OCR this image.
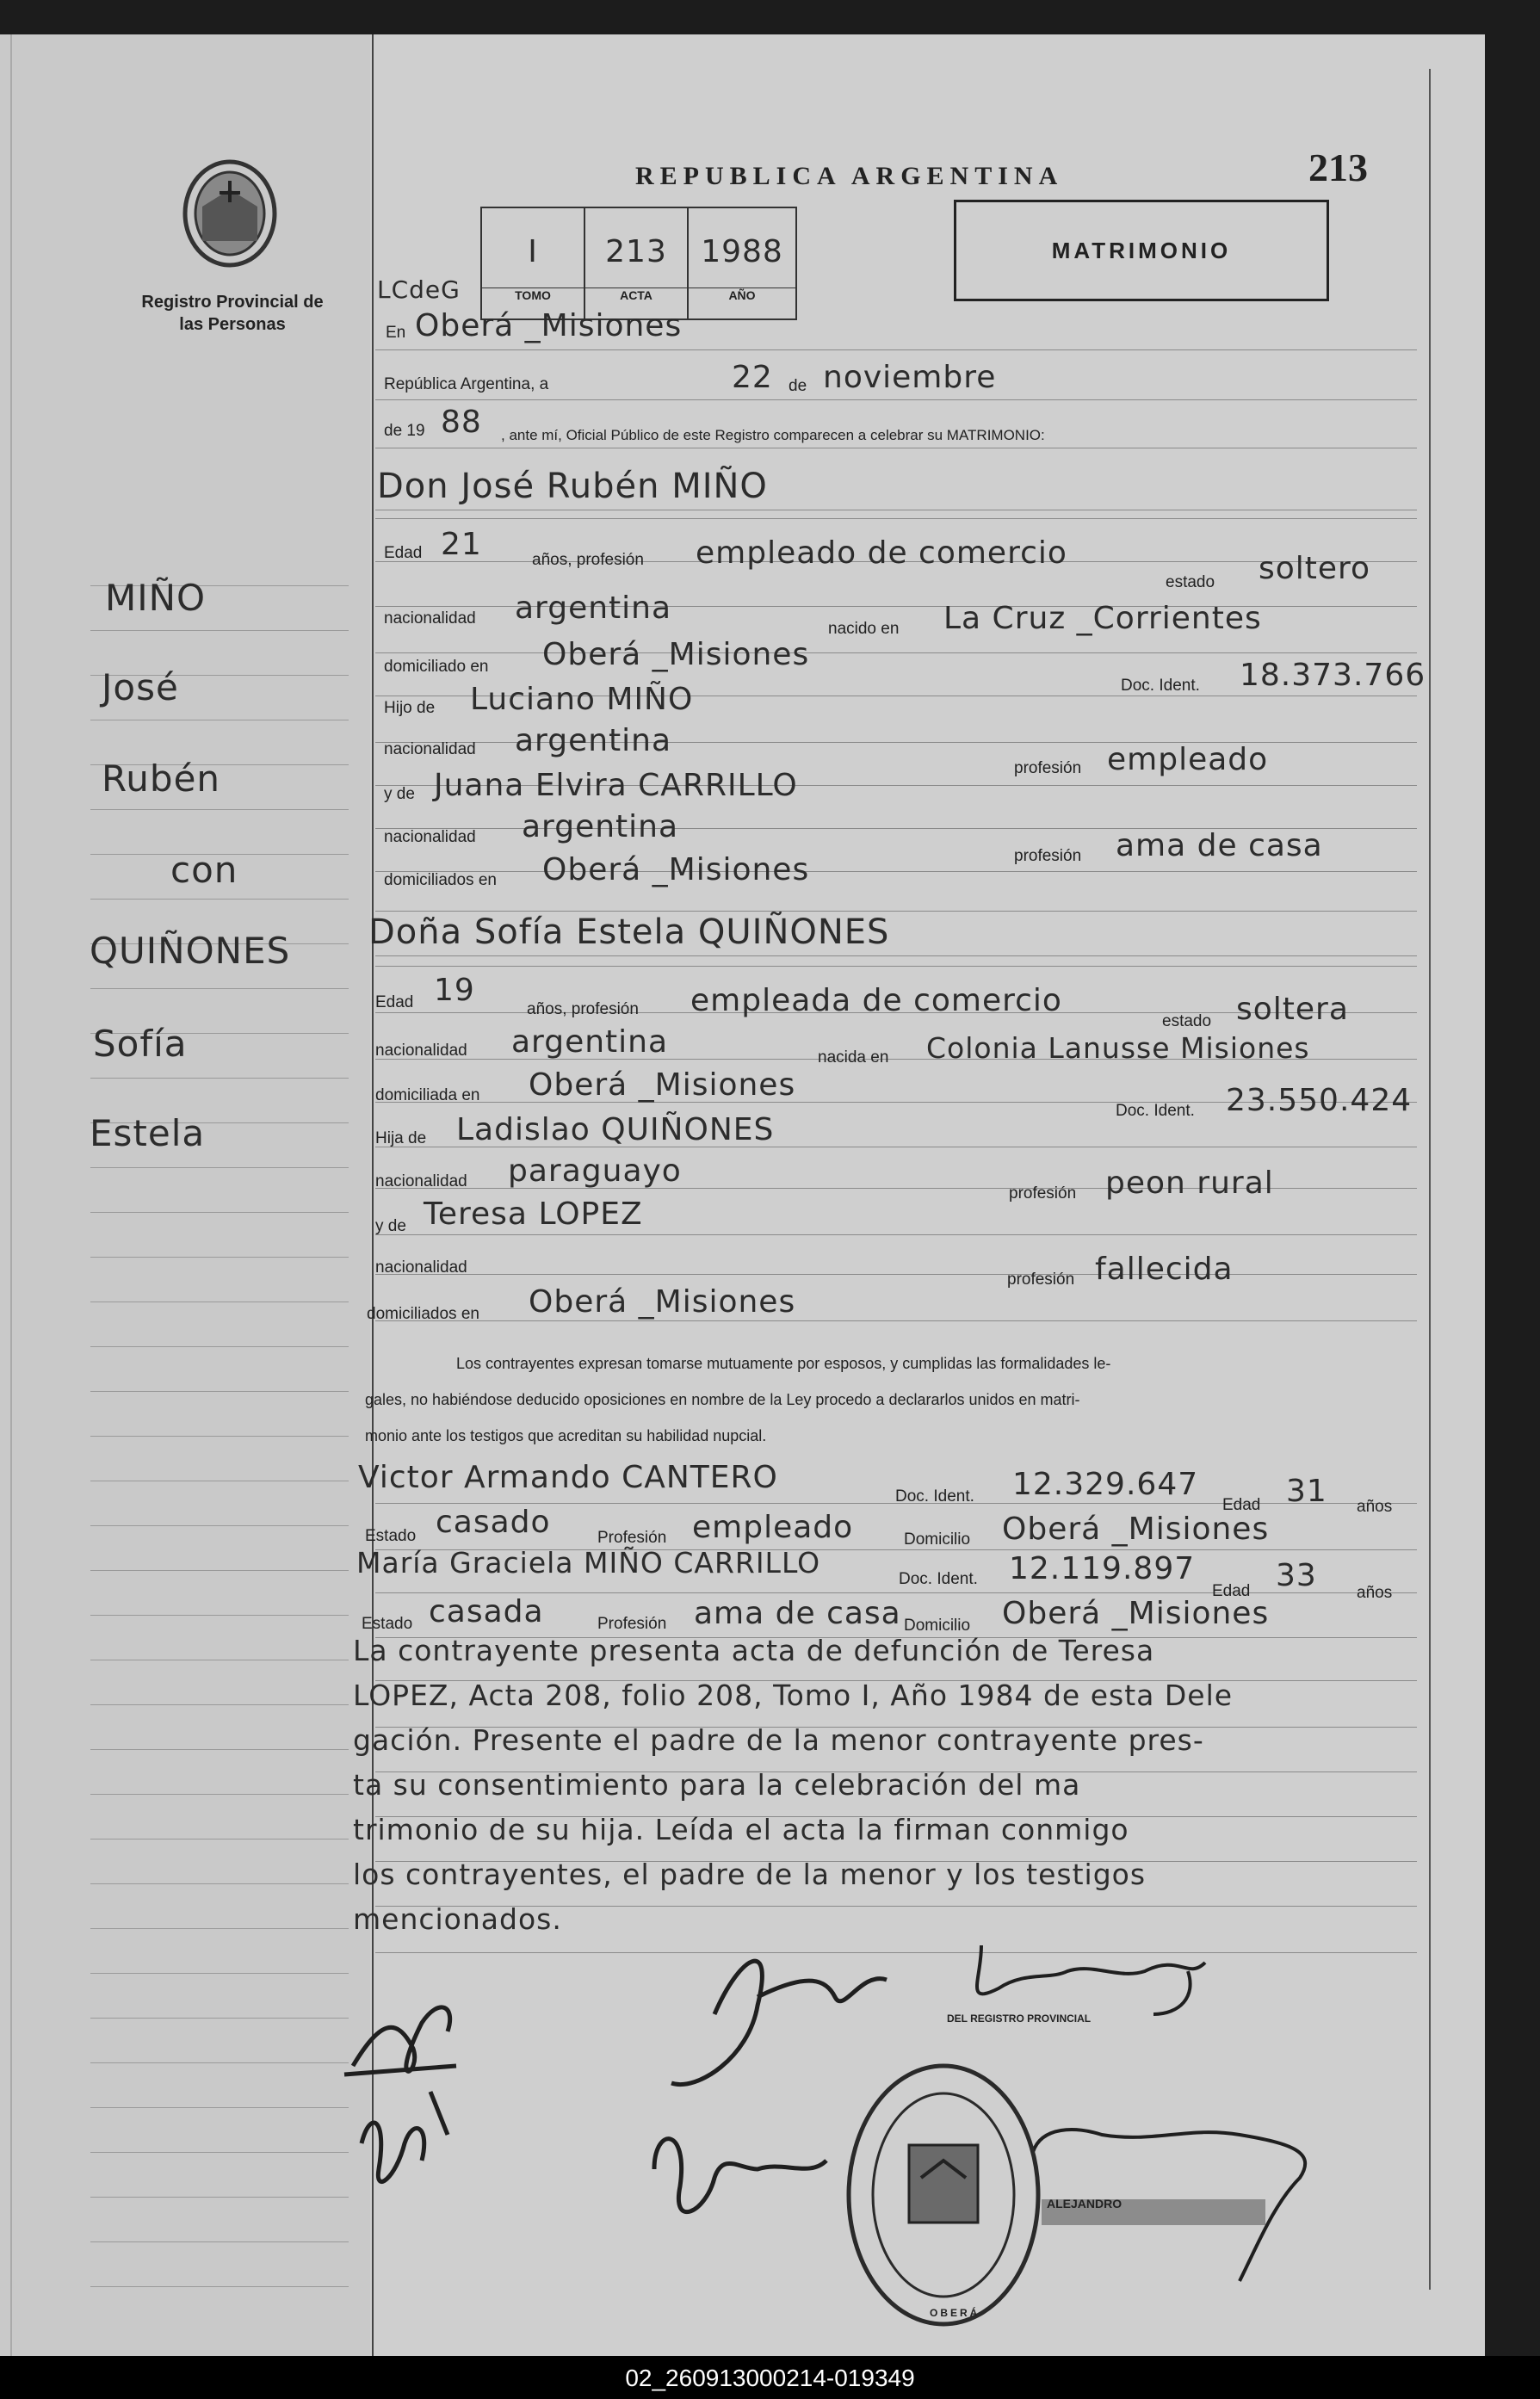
Registro Provincial de las Personas
REPUBLICA ARGENTINA	213
LCdeG
I
TOMO
213
ACTA
1988
AÑO
MATRIMONIO
MIÑO
José
Rubén
con
QUIÑONES
Sofía
Estela
En Oberá _Misiones
República Argentina, a	22 de noviembre
de 19 88 , ante mí, Oficial Público de este Registro comparecen a celebrar su MATRIMONIO:
Don José Rubén MIÑO
Edad 21	años, profesión empleado de comercio
estado soltero
nacionalidad argentina
nacido en La Cruz _Corrientes
domiciliado en Oberá _Misiones
Doc. Ident. 18.373.766
Hijo de Luciano MIÑO
nacionalidad argentina
profesión empleado
y de Juana Elvira CARRILLO
nacionalidad argentina
profesión ama de casa
domiciliados en Oberá _Misiones
Doña Sofía Estela QUIÑONES
Edad 19
años, profesión empleada de comercio
estado soltera
nacionalidad argentina	nacida en Colonia Lanusse Misiones
domiciliada en Oberá _Misiones
Doc. Ident. 23.550.424
Hija de Ladislao QUIÑONES
nacionalidad paraguayo
profesión peon rural
y de Teresa LOPEZ
nacionalidad
profesión fallecida
domiciliados en Oberá _Misiones
Los contrayentes expresan tomarse mutuamente por esposos, y cumplidas las formalidades le-
gales, no habiéndose deducido oposiciones en nombre de la Ley procedo a declararlos unidos en matri-
monio ante los testigos que acreditan su habilidad nupcial.
Victor Armando CANTERO
Doc. Ident. 12.329.647
Edad 31 años
Estado casado	Profesión empleado	Domicilio Oberá _Misiones
María Graciela MIÑO CARRILLO	Doc. Ident. 12.119.897
Edad 33 años
Estado casada	Profesión ama de casa Domicilio Oberá _Misiones
La contrayente presenta acta de defunción de Teresa
LOPEZ, Acta 208, folio 208, Tomo I, Año 1984 de esta Dele
gación. Presente el padre de la menor contrayente pres-
ta su consentimiento para la celebración del ma
trimonio de su hija. Leída el acta la firman conmigo
los contrayentes, el padre de la menor y los testigos
mencionados.
DEL REGISTRO PROVINCIAL
OBERÁ
ALEJANDRO
02_260913000214-019349
